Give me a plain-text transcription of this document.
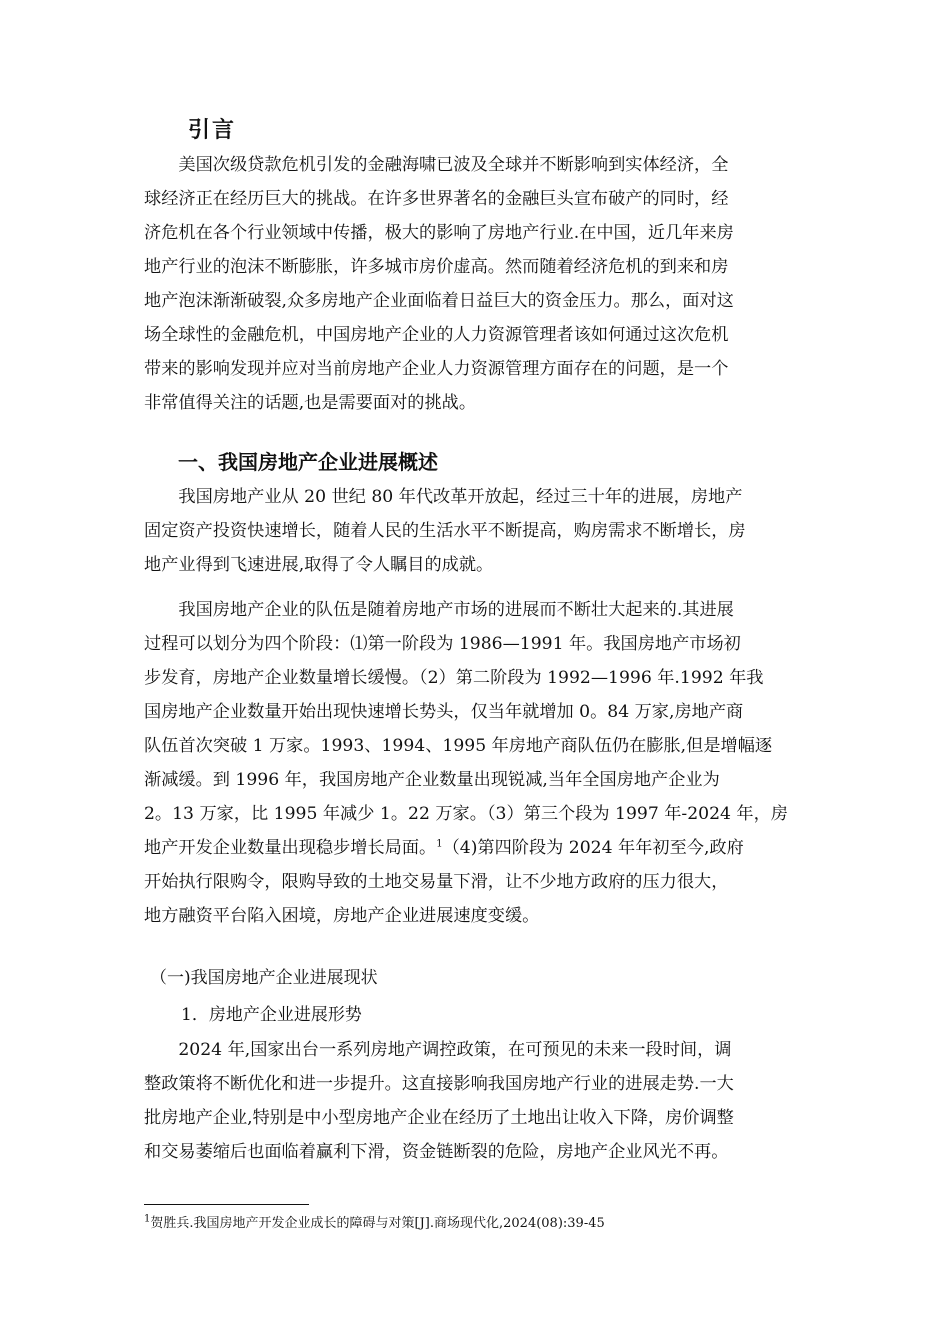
引言
　　美国次级贷款危机引发的金融海啸已波及全球并不断影响到实体经济，全
球经济正在经历巨大的挑战。在许多世界著名的金融巨头宣布破产的同时，经
济危机在各个行业领域中传播，极大的影响了房地产行业.在中国，近几年来房
地产行业的泡沫不断膨胀，许多城市房价虚高。然而随着经济危机的到来和房
地产泡沫渐渐破裂,众多房地产企业面临着日益巨大的资金压力。那么，面对这
场全球性的金融危机，中国房地产企业的人力资源管理者该如何通过这次危机
带来的影响发现并应对当前房地产企业人力资源管理方面存在的问题，是一个
非常值得关注的话题,也是需要面对的挑战。
一、我国房地产企业进展概述
　　我国房地产业从 20 世纪 80 年代改革开放起，经过三十年的进展，房地产
固定资产投资快速增长，随着人民的生活水平不断提高，购房需求不断增长，房
地产业得到飞速进展,取得了令人瞩目的成就。
　　我国房地产企业的队伍是随着房地产市场的进展而不断壮大起来的.其进展
过程可以划分为四个阶段：⑴第一阶段为 1986—1991 年。我国房地产市场初
步发育，房地产企业数量增长缓慢。（2）第二阶段为 1992—1996 年.1992 年我
国房地产企业数量开始出现快速增长势头，仅当年就增加 0。84 万家,房地产商
队伍首次突破 1 万家。1993、1994、1995 年房地产商队伍仍在膨胀,但是增幅逐
渐减缓。到 1996 年，我国房地产企业数量出现锐减,当年全国房地产企业为
2。13 万家，比 1995 年减少 1。22 万家。（3）第三个段为 1997 年-2024 年，房
地产开发企业数量出现稳步增长局面。$^1$（4)第四阶段为 2024 年年初至今,政府
开始执行限购令，限购导致的土地交易量下滑，让不少地方政府的压力很大，
地方融资平台陷入困境，房地产企业进展速度变缓。
（一)我国房地产企业进展现状
1．房地产企业进展形势
　　2024 年,国家出台一系列房地产调控政策，在可预见的未来一段时间，调
整政策将不断优化和进一步提升。这直接影响我国房地产行业的进展走势.一大
批房地产企业,特别是中小型房地产企业在经历了土地出让收入下降，房价调整
和交易萎缩后也面临着赢利下滑，资金链断裂的危险，房地产企业风光不再。
$^1$贺胜兵.我国房地产开发企业成长的障碍与对策[J].商场现代化,2024(08):39-45
